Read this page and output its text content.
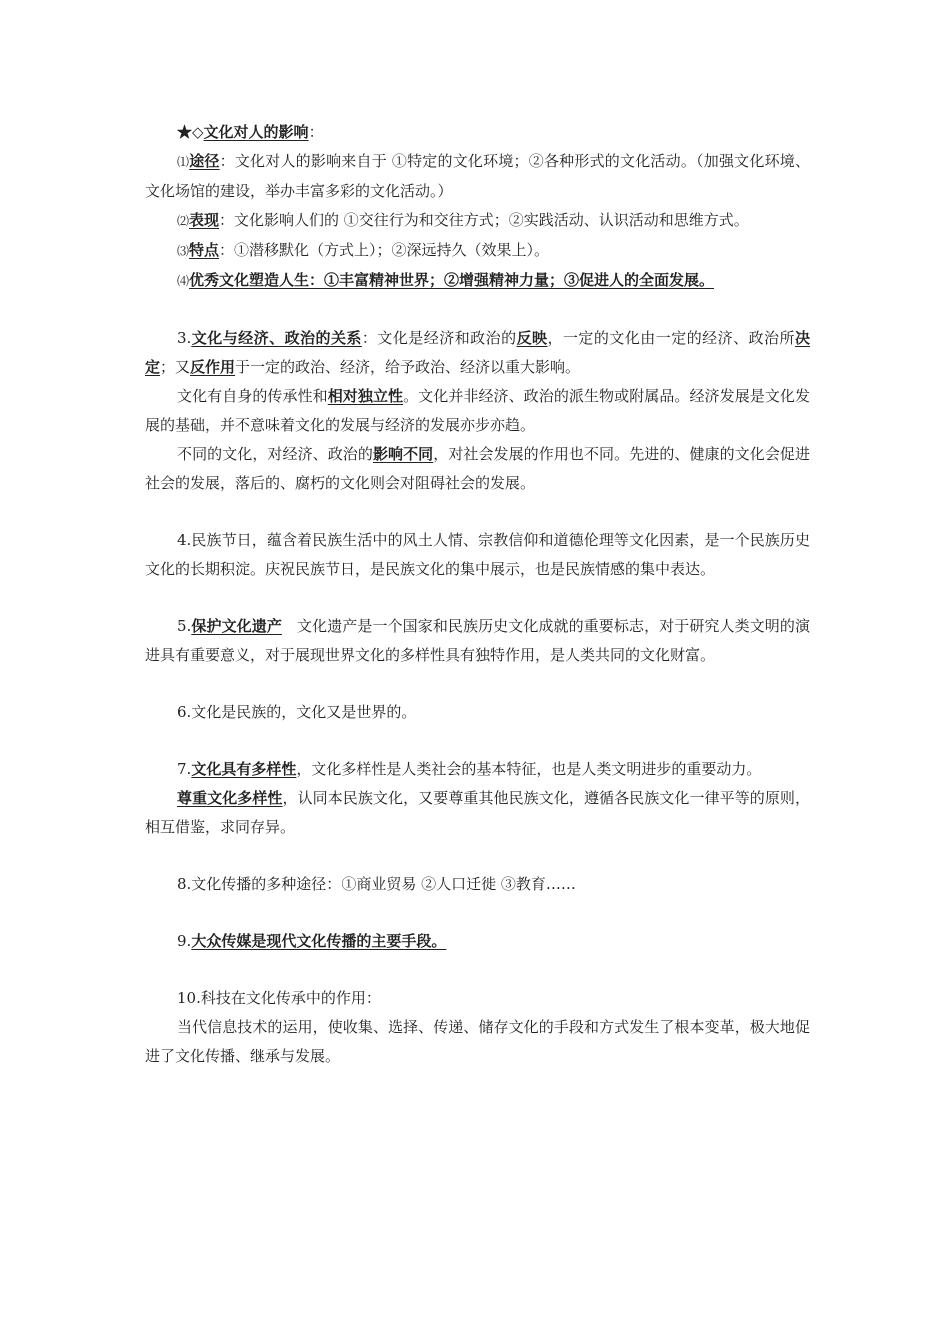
★◇文化对人的影响：

⑴途径：文化对人的影响来自于 ①特定的文化环境；②各种形式的文化活动。（加强文化环境、文化场馆的建设，举办丰富多彩的文化活动。）

⑵表现：文化影响人们的 ①交往行为和交往方式；②实践活动、认识活动和思维方式。

⑶特点：①潜移默化（方式上）；②深远持久（效果上）。

⑷优秀文化塑造人生：①丰富精神世界；②增强精神力量；③促进人的全面发展。

3.文化与经济、政治的关系：文化是经济和政治的反映，一定的文化由一定的经济、政治所决定；又反作用于一定的政治、经济，给予政治、经济以重大影响。

文化有自身的传承性和相对独立性。文化并非经济、政治的派生物或附属品。经济发展是文化发展的基础，并不意味着文化的发展与经济的发展亦步亦趋。

不同的文化，对经济、政治的影响不同，对社会发展的作用也不同。先进的、健康的文化会促进社会的发展，落后的、腐朽的文化则会对阻碍社会的发展。

4.民族节日，蕴含着民族生活中的风土人情、宗教信仰和道德伦理等文化因素，是一个民族历史文化的长期积淀。庆祝民族节日，是民族文化的集中展示，也是民族情感的集中表达。

5.保护文化遗产　文化遗产是一个国家和民族历史文化成就的重要标志，对于研究人类文明的演进具有重要意义，对于展现世界文化的多样性具有独特作用，是人类共同的文化财富。

6.文化是民族的，文化又是世界的。

7.文化具有多样性，文化多样性是人类社会的基本特征，也是人类文明进步的重要动力。

尊重文化多样性，认同本民族文化，又要尊重其他民族文化，遵循各民族文化一律平等的原则，相互借鉴，求同存异。

8.文化传播的多种途径：①商业贸易 ②人口迁徙 ③教育……

9.大众传媒是现代文化传播的主要手段。

10.科技在文化传承中的作用：

当代信息技术的运用，使收集、选择、传递、储存文化的手段和方式发生了根本变革，极大地促进了文化传播、继承与发展。
